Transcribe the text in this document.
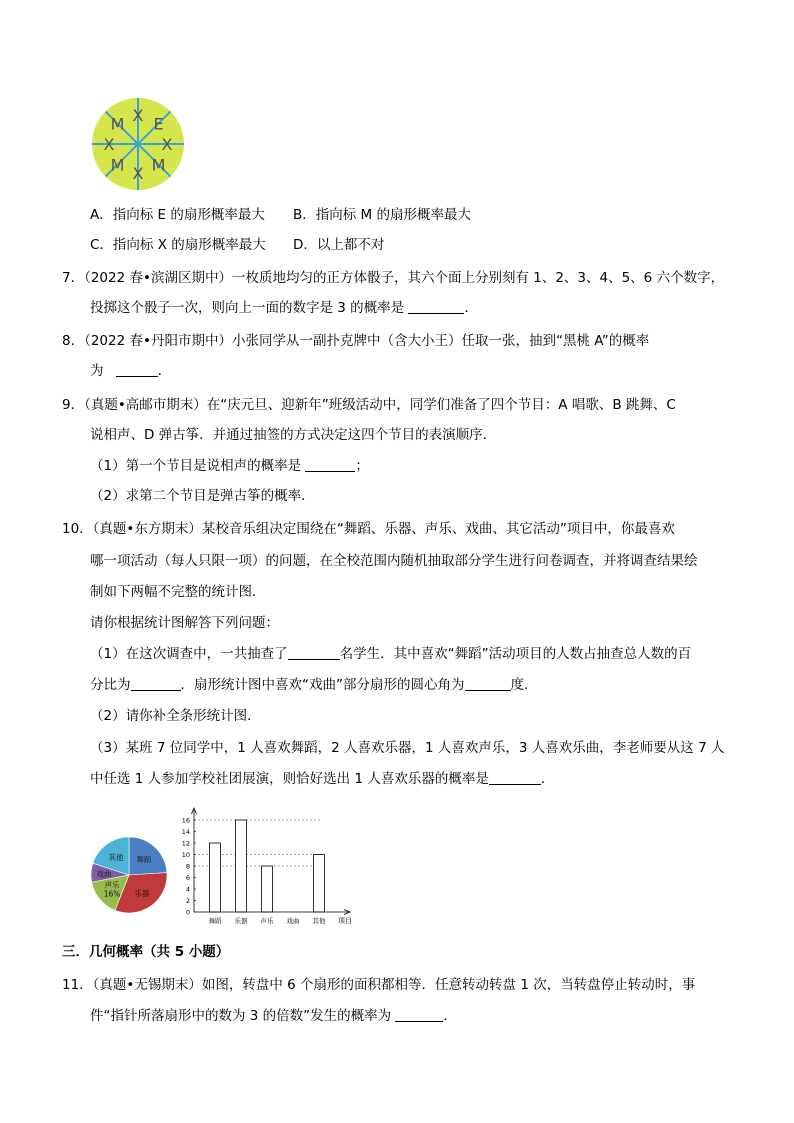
X E
X
M
X
M
X
M
A．指向标 E 的扇形概率最大 B．指向标 M 的扇形概率最大
C．指向标 X 的扇形概率最大 D．以上都不对
7．（2022 春•滨湖区期中）一枚质地均匀的正方体骰子，其六个面上分别刻有 1、2、3、4、5、6 六个数字，
投掷这个骰子一次，则向上一面的数字是 3 的概率是	．
8．（2022 春•丹阳市期中）小张同学从一副扑克牌中（含大小王）任取一张，抽到“黑桃 A”的概率
为	．
9．（真题•高邮市期末）在“庆元旦、迎新年”班级活动中，同学们准备了四个节目：A 唱歌、B 跳舞、C
说相声、D 弹古筝．并通过抽签的方式决定这四个节目的表演顺序．
（1）第一个节目是说相声的概率是	；
（2）求第二个节目是弹古筝的概率．
10．（真题•东方期末）某校音乐组决定围绕在“舞蹈、乐器、声乐、戏曲、其它活动”项目中，你最喜欢
哪一项活动（每人只限一项）的问题，在全校范围内随机抽取部分学生进行问卷调查，并将调查结果绘
制如下两幅不完整的统计图．
请你根据统计图解答下列问题：
（1）在这次调查中，一共抽查了	名学生．其中喜欢“舞蹈”活动项目的人数占抽查总人数的百
分比为	．扇形统计图中喜欢“戏曲”部分扇形的圆心角为	度．
（2）请你补全条形统计图．
（3）某班 7 位同学中，1 人喜欢舞蹈，2 人喜欢乐器，1 人喜欢声乐，3 人喜欢乐曲，李老师要从这 7 人
中任选 1 人参加学校社团展演，则恰好选出 1 人喜欢乐器的概率是	．
舞蹈
乐器
声乐
16%
戏曲
其他
0
2
4
6
8
10
12
14
16
舞蹈 乐器 声乐 戏曲 其他 项目
三．几何概率（共 5 小题）
11．（真题•无锡期末）如图，转盘中 6 个扇形的面积都相等．任意转动转盘 1 次，当转盘停止转动时，事
件“指针所落扇形中的数为 3 的倍数”发生的概率为	．
